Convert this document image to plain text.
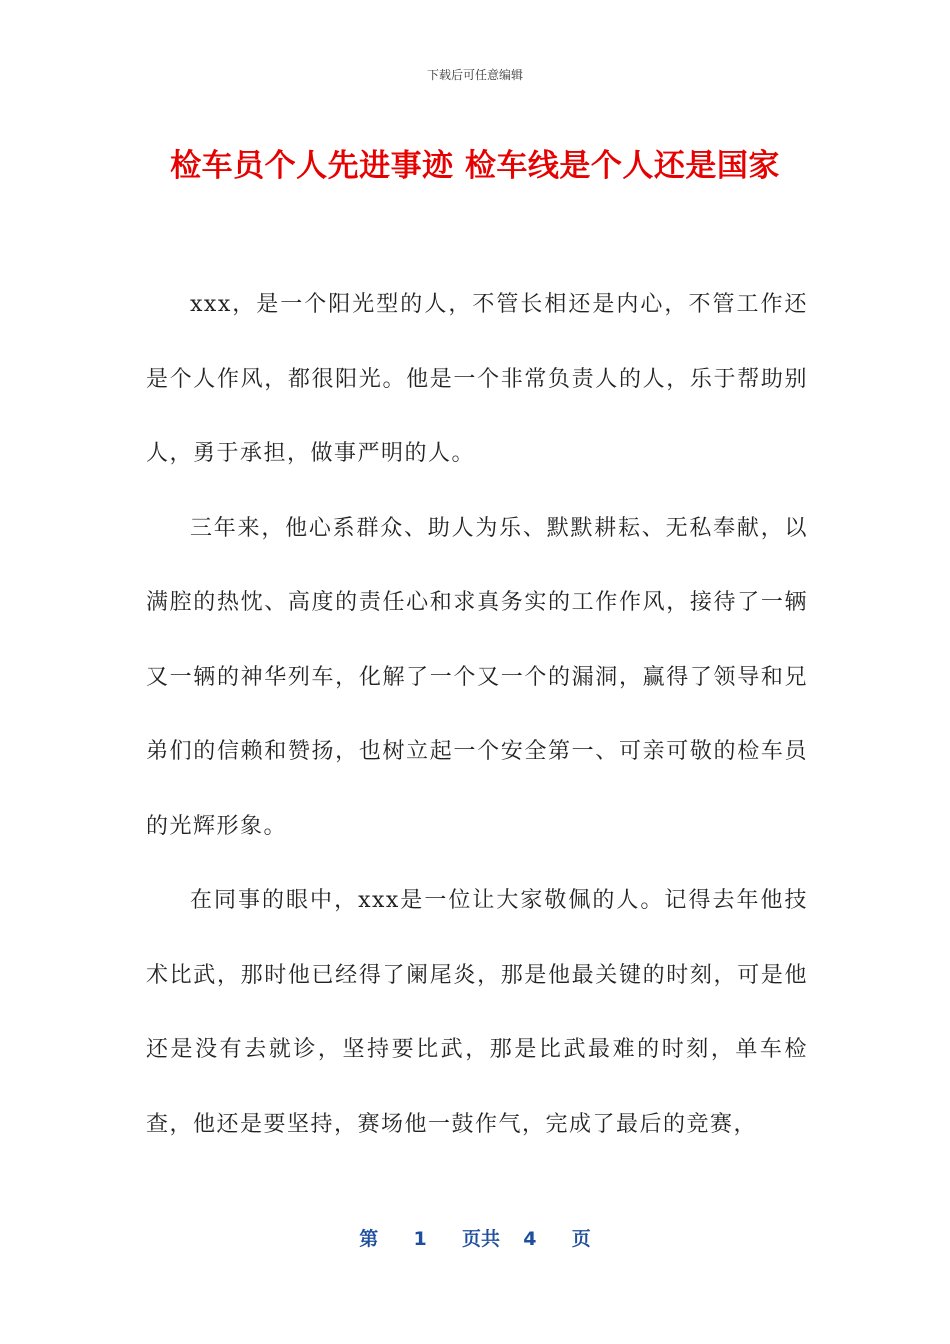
下载后可任意编辑
检车员个人先进事迹 检车线是个人还是国家

xxx，是一个阳光型的人，不管长相还是内心，不管工作还是个人作风，都很阳光。他是一个非常负责人的人，乐于帮助别人，勇于承担，做事严明的人。

三年来，他心系群众、助人为乐、默默耕耘、无私奉献，以满腔的热忱、高度的责任心和求真务实的工作作风，接待了一辆又一辆的神华列车，化解了一个又一个的漏洞，赢得了领导和兄弟们的信赖和赞扬，也树立起一个安全第一、可亲可敬的检车员的光辉形象。

在同事的眼中，xxx是一位让大家敬佩的人。记得去年他技术比武，那时他已经得了阑尾炎，那是他最关键的时刻，可是他还是没有去就诊，坚持要比武，那是比武最难的时刻，单车检查，他还是要坚持，赛场他一鼓作气，完成了最后的竞赛，

第 1 页共 4 页
